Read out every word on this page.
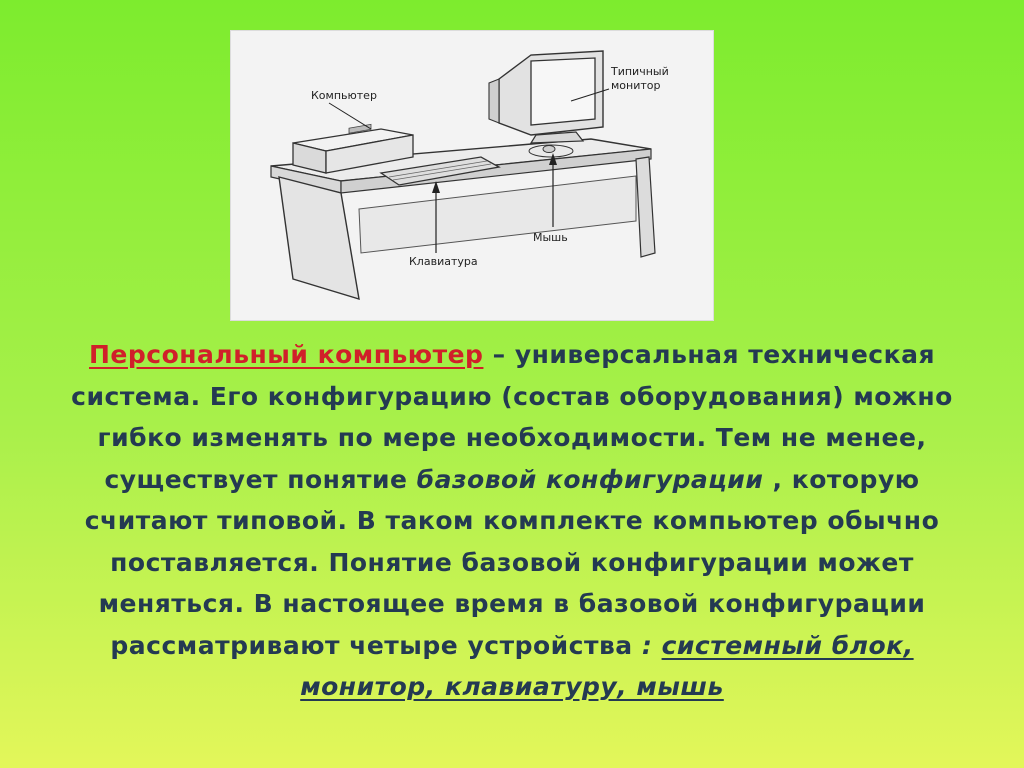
Компьютер
Типичный
монитор
Клавиатура
Мышь

Персональный компьютер – универсальная техническая система. Его конфигурацию (состав оборудования) можно гибко изменять по мере необходимости. Тем не менее, существует понятие базовой конфигурации , которую считают типовой. В таком комплекте компьютер обычно поставляется. Понятие базовой конфигурации может меняться. В настоящее время в базовой конфигурации рассматривают четыре устройства : системный блок, монитор, клавиатуру, мышь
